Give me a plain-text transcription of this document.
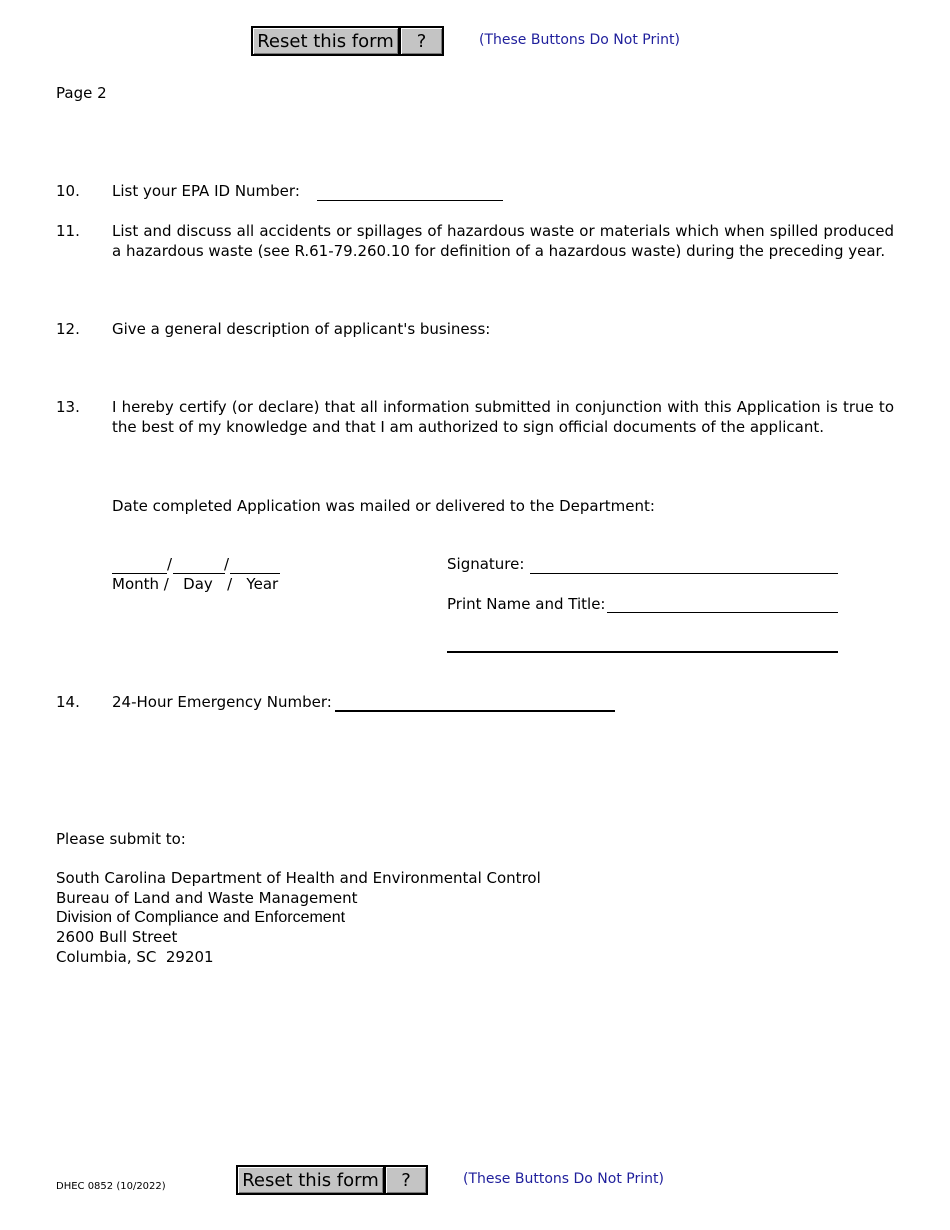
Reset this form	?	(These Buttons Do Not Print)
Page 2
10. List your EPA ID Number:
11. List and discuss all accidents or spillages of hazardous waste or materials which when spilled produced a hazardous waste (see R.61-79.260.10 for definition of a hazardous waste) during the preceding year.
12. Give a general description of applicant's business:
13. I hereby certify (or declare) that all information submitted in conjunction with this Application is true to the best of my knowledge and that I am authorized to sign official documents of the applicant.
Date completed Application was mailed or delivered to the Department:
/	/
Month /   Day   /   Year
Signature:
Print Name and Title:
14. 24-Hour Emergency Number:
Please submit to:
South Carolina Department of Health and Environmental Control
Bureau of Land and Waste Management
Division of Compliance and Enforcement
2600 Bull Street
Columbia, SC  29201
DHEC 0852 (10/2022)	Reset this form	?	(These Buttons Do Not Print)
